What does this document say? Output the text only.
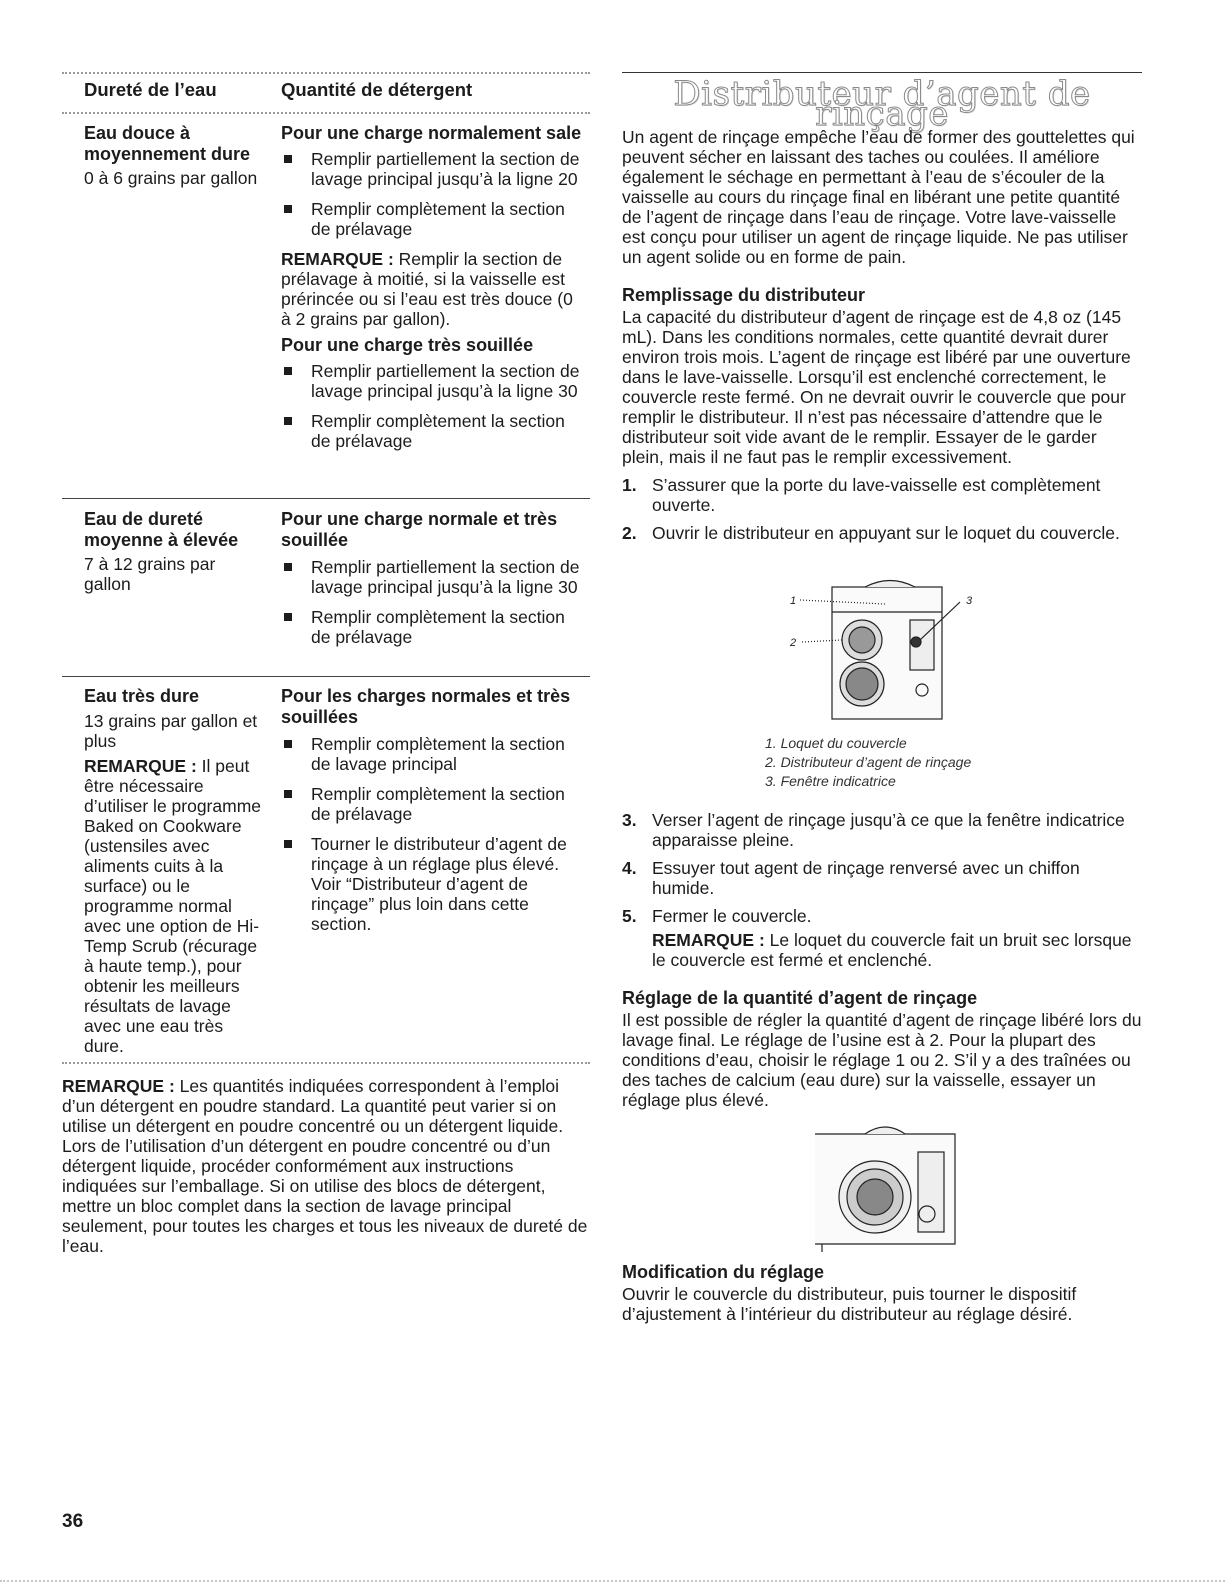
Dureté de l’eau	Quantité de détergent

Eau douce à moyennement dure

0 à 6 grains par gallon

Pour une charge normalement sale

Remplir partiellement la section de lavage principal jusqu’à la ligne 20
Remplir complètement la section de prélavage

REMARQUE : Remplir la section de prélavage à moitié, si la vaisselle est prérincée ou si l’eau est très douce (0 à 2 grains par gallon).

Pour une charge très souillée

Remplir partiellement la section de lavage principal jusqu’à la ligne 30
Remplir complètement la section de prélavage

Eau de dureté moyenne à élevée

7 à 12 grains par gallon

Pour une charge normale et très souillée

Remplir partiellement la section de lavage principal jusqu’à la ligne 30
Remplir complètement la section de prélavage

Eau très dure

13 grains par gallon et plus

REMARQUE : Il peut être nécessaire d’utiliser le programme Baked on Cookware (ustensiles avec aliments cuits à la surface) ou le programme normal avec une option de Hi-Temp Scrub (récurage à haute temp.), pour obtenir les meilleurs résultats de lavage avec une eau très dure.

Pour les charges normales et très souillées

Remplir complètement la section de lavage principal
Remplir complètement la section de prélavage
Tourner le distributeur d’agent de rinçage à un réglage plus élevé. Voir “Distributeur d’agent de rinçage” plus loin dans cette section.

REMARQUE : Les quantités indiquées correspondent à l’emploi d’un détergent en poudre standard. La quantité peut varier si on utilise un détergent en poudre concentré ou un détergent liquide. Lors de l’utilisation d’un détergent en poudre concentré ou d’un détergent liquide, procéder conformément aux instructions indiquées sur l’emballage. Si on utilise des blocs de détergent, mettre un bloc complet dans la section de lavage principal seulement, pour toutes les charges et tous les niveaux de dureté de l’eau.

Distributeur d’agent de rinçage

Un agent de rinçage empêche l’eau de former des gouttelettes qui peuvent sécher en laissant des taches ou coulées. Il améliore également le séchage en permettant à l’eau de s’écouler de la vaisselle au cours du rinçage final en libérant une petite quantité de l’agent de rinçage dans l’eau de rinçage. Votre lave-vaisselle est conçu pour utiliser un agent de rinçage liquide. Ne pas utiliser un agent solide ou en forme de pain.

Remplissage du distributeur

La capacité du distributeur d’agent de rinçage est de 4,8 oz (145 mL). Dans les conditions normales, cette quantité devrait durer environ trois mois. L’agent de rinçage est libéré par une ouverture dans le lave-vaisselle. Lorsqu’il est enclenché correctement, le couvercle reste fermé. On ne devrait ouvrir le couvercle que pour remplir le distributeur. Il n’est pas nécessaire d’attendre que le distributeur soit vide avant de le remplir. Essayer de le garder plein, mais il ne faut pas le remplir excessivement.

1. S’assurer que la porte du lave-vaisselle est complètement ouverte.
2. Ouvrir le distributeur en appuyant sur le loquet du couvercle.
1
2
3

1. Loquet du couvercle

2. Distributeur d’agent de rinçage

3. Fenêtre indicatrice

3. Verser l’agent de rinçage jusqu’à ce que la fenêtre indicatrice apparaisse pleine.
4. Essuyer tout agent de rinçage renversé avec un chiffon humide.
5. Fermer le couvercle.

REMARQUE : Le loquet du couvercle fait un bruit sec lorsque le couvercle est fermé et enclenché.

Réglage de la quantité d’agent de rinçage

Il est possible de régler la quantité d’agent de rinçage libéré lors du lavage final. Le réglage de l’usine est à 2. Pour la plupart des conditions d’eau, choisir le réglage 1 ou 2. S’il y a des traînées ou des taches de calcium (eau dure) sur la vaisselle, essayer un réglage plus élevé.

Modification du réglage

Ouvrir le couvercle du distributeur, puis tourner le dispositif d’ajustement à l’intérieur du distributeur au réglage désiré.

36
